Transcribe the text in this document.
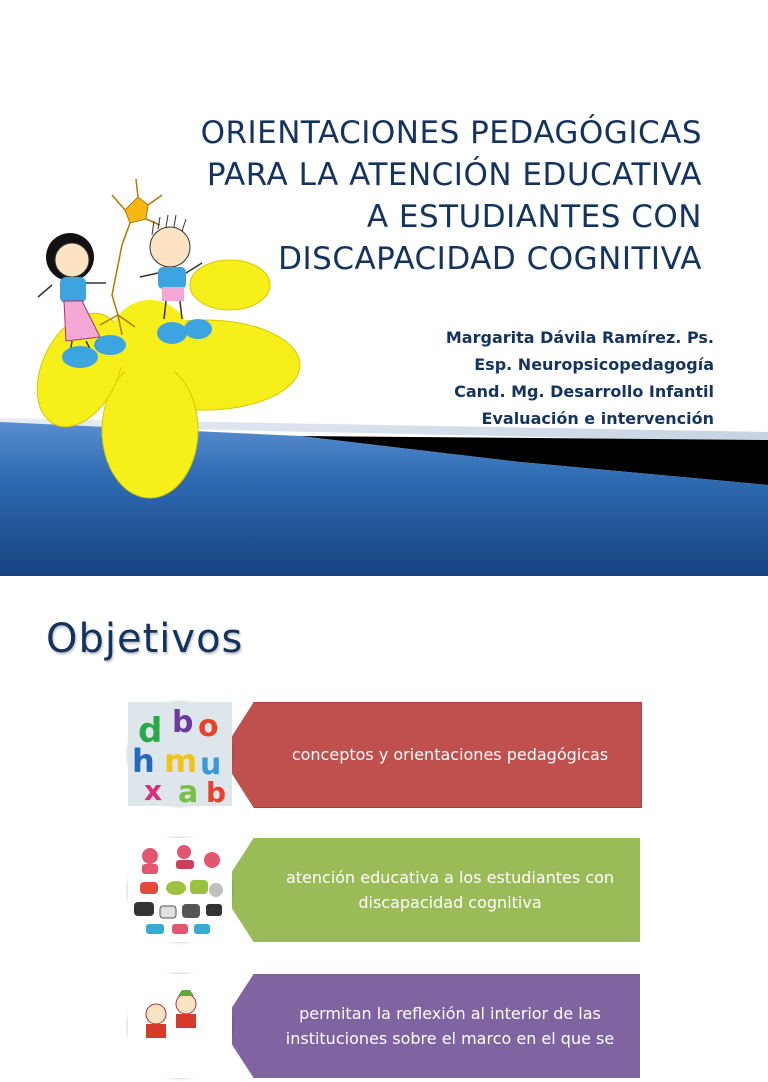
ORIENTACIONES PEDAGÓGICAS
PARA LA ATENCIÓN EDUCATIVA
A ESTUDIANTES CON
DISCAPACIDAD COGNITIVA
Margarita Dávila Ramírez. Ps.
Esp. Neuropsicopedagogía
Cand. Mg. Desarrollo Infantil
Evaluación e intervención
Objetivos
d b o
h m u
x a b
conceptos y orientaciones pedagógicas
atención educativa a los estudiantes con discapacidad cognitiva
permitan la reflexión al interior de las instituciones sobre el marco en el que se
